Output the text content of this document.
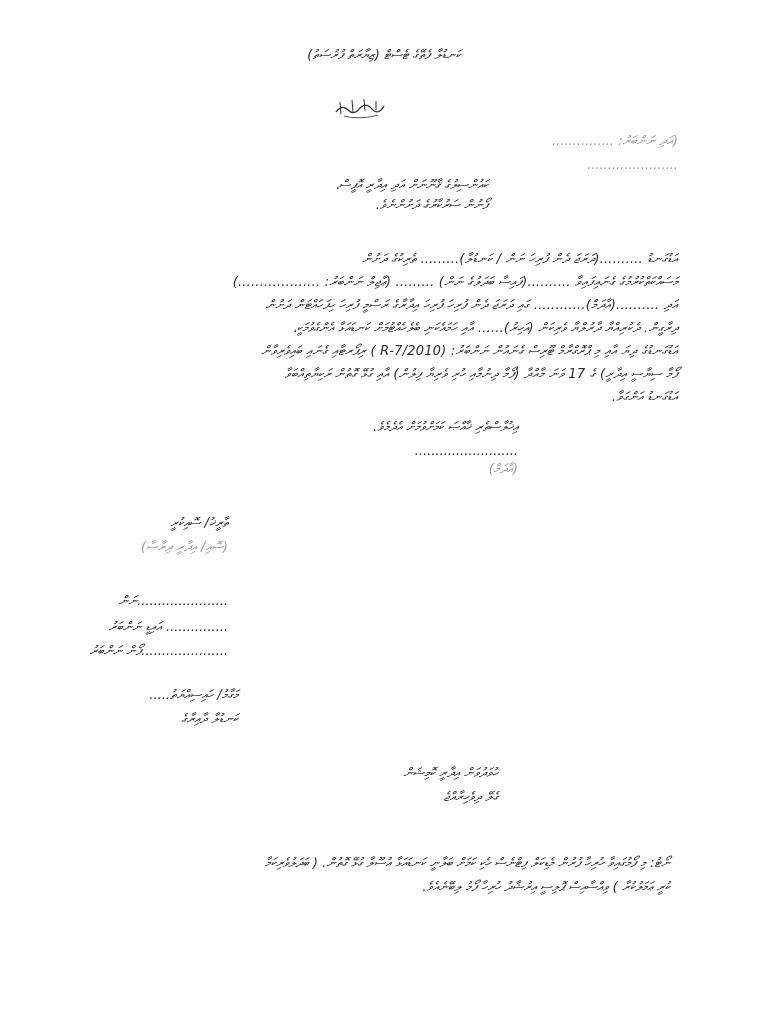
ކަނޑުލާ ފެތޭގެ ޓެސްޓް (ޒިޔާރަތް ފުރުސަތު)
(އަދި ނަންބަރު: ...............
......................
ކައުންސިލުގެ ޤާނޫނަށް އަދި އިދާރީ އޮފީސް،
ފޯނުން ސަރުކާރުގެ ދަށުންނެވެ.
އަޑުގަނޑު ..........(ދަރަޖަ ދެން ފުރިހަ ނަން / ކަނޑުލާ)......... ތެރިކުގެ ދަށުން
މަސައްކަތްކުރުމުގެ ގެނައިފައިވާ ..........(ފައިސާ ބަދަލުގެ ނަން) ......... (ޢާޖިލް ނަންބަރު: ...................)
އަދި ..........(އާދަމް)............ ގައި ދަރަޖަ ދެން ފުރިހަ ފުރިހަ އިދާރާގެ ރަސްމީ ފުރިހަ ހިފަހައްޓަން ދަށުން
ދިރާގީން. ދެކުރިއްޔާ ދާރުލްޔާ ވެރިކަން (އަހިރު)...... އާއި ހަމައެކަނި ބެލެހެއްޓުމަށް ކަނޑައަޅާ އެންގެވުމަކީ،
އަޑުގަނޑުގެ ދިޔަ އާއި މި ޕްރޮގްރާމް ޓޫރިސް ގެނައުން ނަންބަރު: (2010/R-7 ) ރިޕޯރޓާއި ގެނައި ބައިވެރިވާން
ފޯމާ ސިޔާސީ އިދާރީ) ގެ 17 ވަނަ މާއްދާ (ފޯމާ ދިނުމާއި ހުރި ވެރިޔާ ފިލުން) އާއި ގުޅޭ ގޮތުން ރަކިޔާތިއްބަވާ
އަޑުގަނޑު އަންގަވާ.
އިޚުލާސްތެރި ޚާއްޞަ ކަމަށްވުމަށް އެދެމެވެ.
.........................
(އާދަމް)
ތާރީޚު/ ސޮއިކުރީ
(ސޮއި/ އިދާރީ ދިރާސާ)
......................ނަން
............... އައިޑީ ނަންބަރު
.....................ފޯން ނަންބަރު
މަގާމު/ ހައިސިއްޔަތު.....
ކަނޑުލާ ދާއިރާގެ
ހުވަދުވަން އިދާރީ ކޮމިޝަން
ގެލޭ ދިވެހިރާއްޖެ
ނޯޓު: މި ފޯމުގައިވާ ހުރިހާ ފުރުން މެޑިކަލް ފިޓްނެސް ހެކި ކަމަށް ބަލާނީ ކަނޑައަޅާ އުސޫލާ ގުޅޭ ގޮތުން. ( ބަދަލުވެރިކަމާ
ކުރީ ޢަމަލުކުރާ ) ވިއްސާއިސް ޕޮލިސީ އިރުޝާދު ހުރިހާ ފޯމު ލިބޭނެއެވެ.
